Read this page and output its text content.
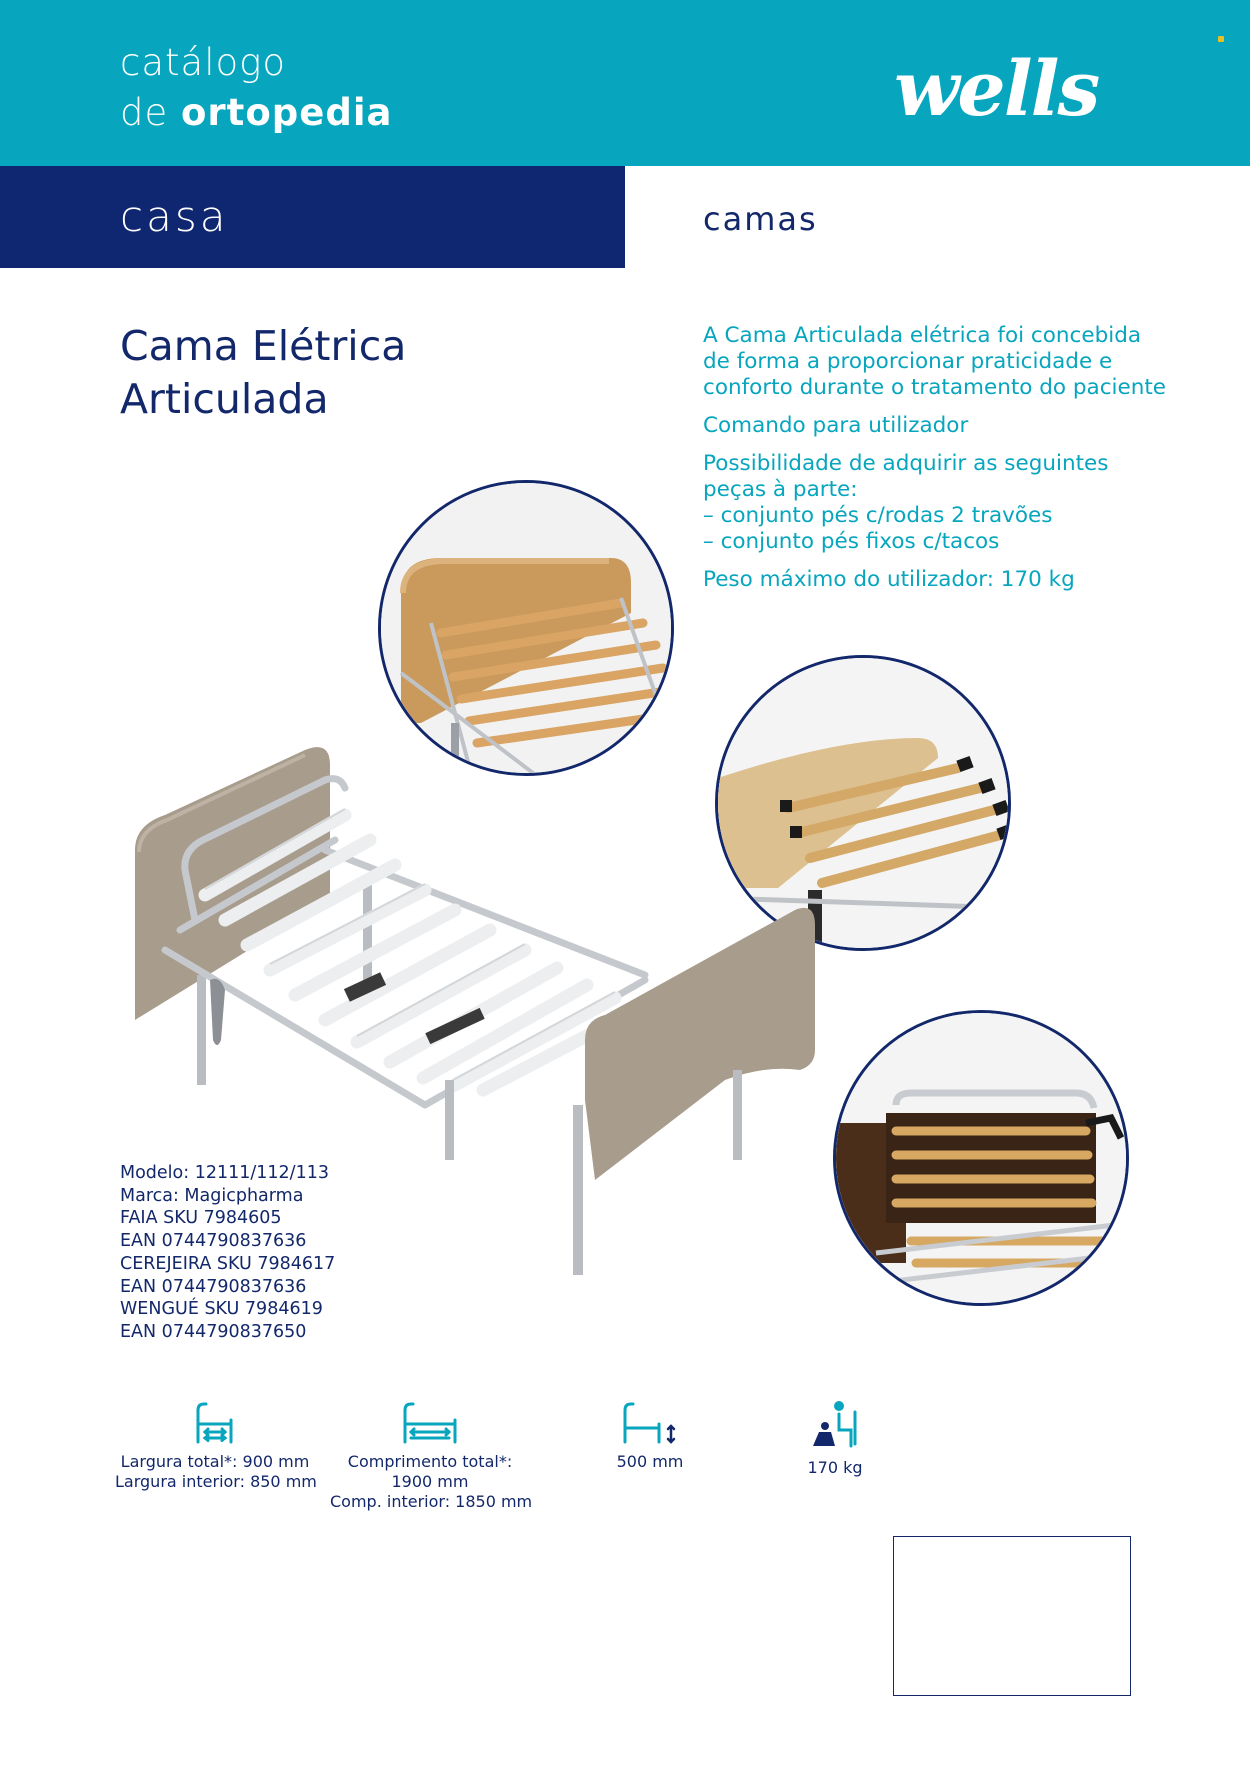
catálogo
de ortopedia	wells
casa	camas
Cama Elétrica
Articulada

A Cama Articulada elétrica foi concebida de forma a proporcionar praticidade e conforto durante o tratamento do paciente

Comando para utilizador

Possibilidade de adquirir as seguintes peças à parte:
– conjunto pés c/rodas 2 travões
– conjunto pés fixos c/tacos

Peso máximo do utilizador: 170 kg

Modelo: 12111/112/113
Marca: Magicpharma
FAIA SKU 7984605
EAN 0744790837636
CEREJEIRA SKU 7984617
EAN 0744790837636
WENGUÉ SKU 7984619
EAN 0744790837650
Largura total*: 900 mm
Largura interior: 850 mm
Comprimento total*:
1900 mm
Comp. interior: 1850 mm
500 mm	170 kg
